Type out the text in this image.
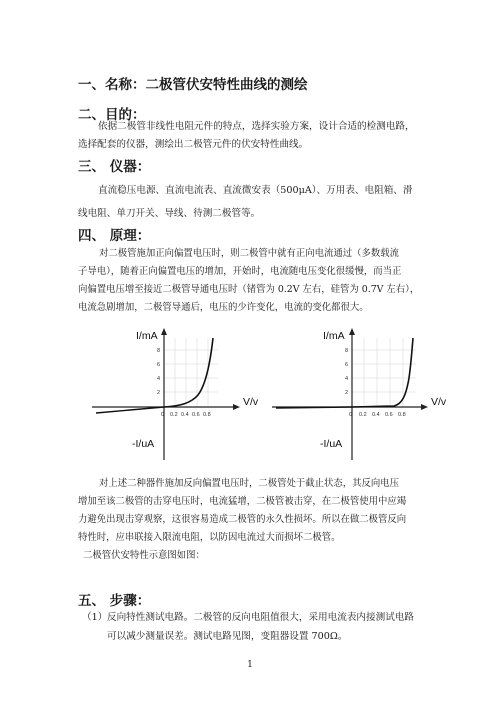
一、名称：二极管伏安特性曲线的测绘
二、目的：
依据二极管非线性电阻元件的特点，选择实验方案，设计合适的检测电路，
选择配套的仪器，测绘出二极管元件的伏安特性曲线。
三、 仪器：
直流稳压电源、直流电流表、直流微安表（500μA）、万用表、电阻箱、滑
线电阻、单刀开关、导线、待测二极管等。
四、 原理：
对二极管施加正向偏置电压时，则二极管中就有正向电流通过（多数载流
子导电），随着正向偏置电压的增加，开始时，电流随电压变化很缓慢，而当正
向偏置电压增至接近二极管导通电压时（锗管为 0.2V 左右，硅管为 0.7V 左右），
电流急剧增加，二极管导通后，电压的少许变化，电流的变化都很大。
I/mA
V/v
-I/uA
0 0.2 0.4 0.6 0.8
8
6
4
2
I/mA
V/v
-I/uA
0 0.2 0.4 0.6 0.8
8
6
4
2
对上述二种器件施加反向偏置电压时，二极管处于截止状态，其反向电压
增加至该二极管的击穿电压时，电流猛增，二极管被击穿，在二极管使用中应竭
力避免出现击穿观察，这很容易造成二极管的永久性损坏。所以在做二极管反向
特性时，应串联接入限流电阻，以防因电流过大而损坏二极管。
二极管伏安特性示意图如图：
五、 步骤：
（1） 反向特性测试电路。二极管的反向电阻值很大，采用电流表内接测试电路
可以减少测量误差。测试电路见图，变阻器设置 700Ω。
1
